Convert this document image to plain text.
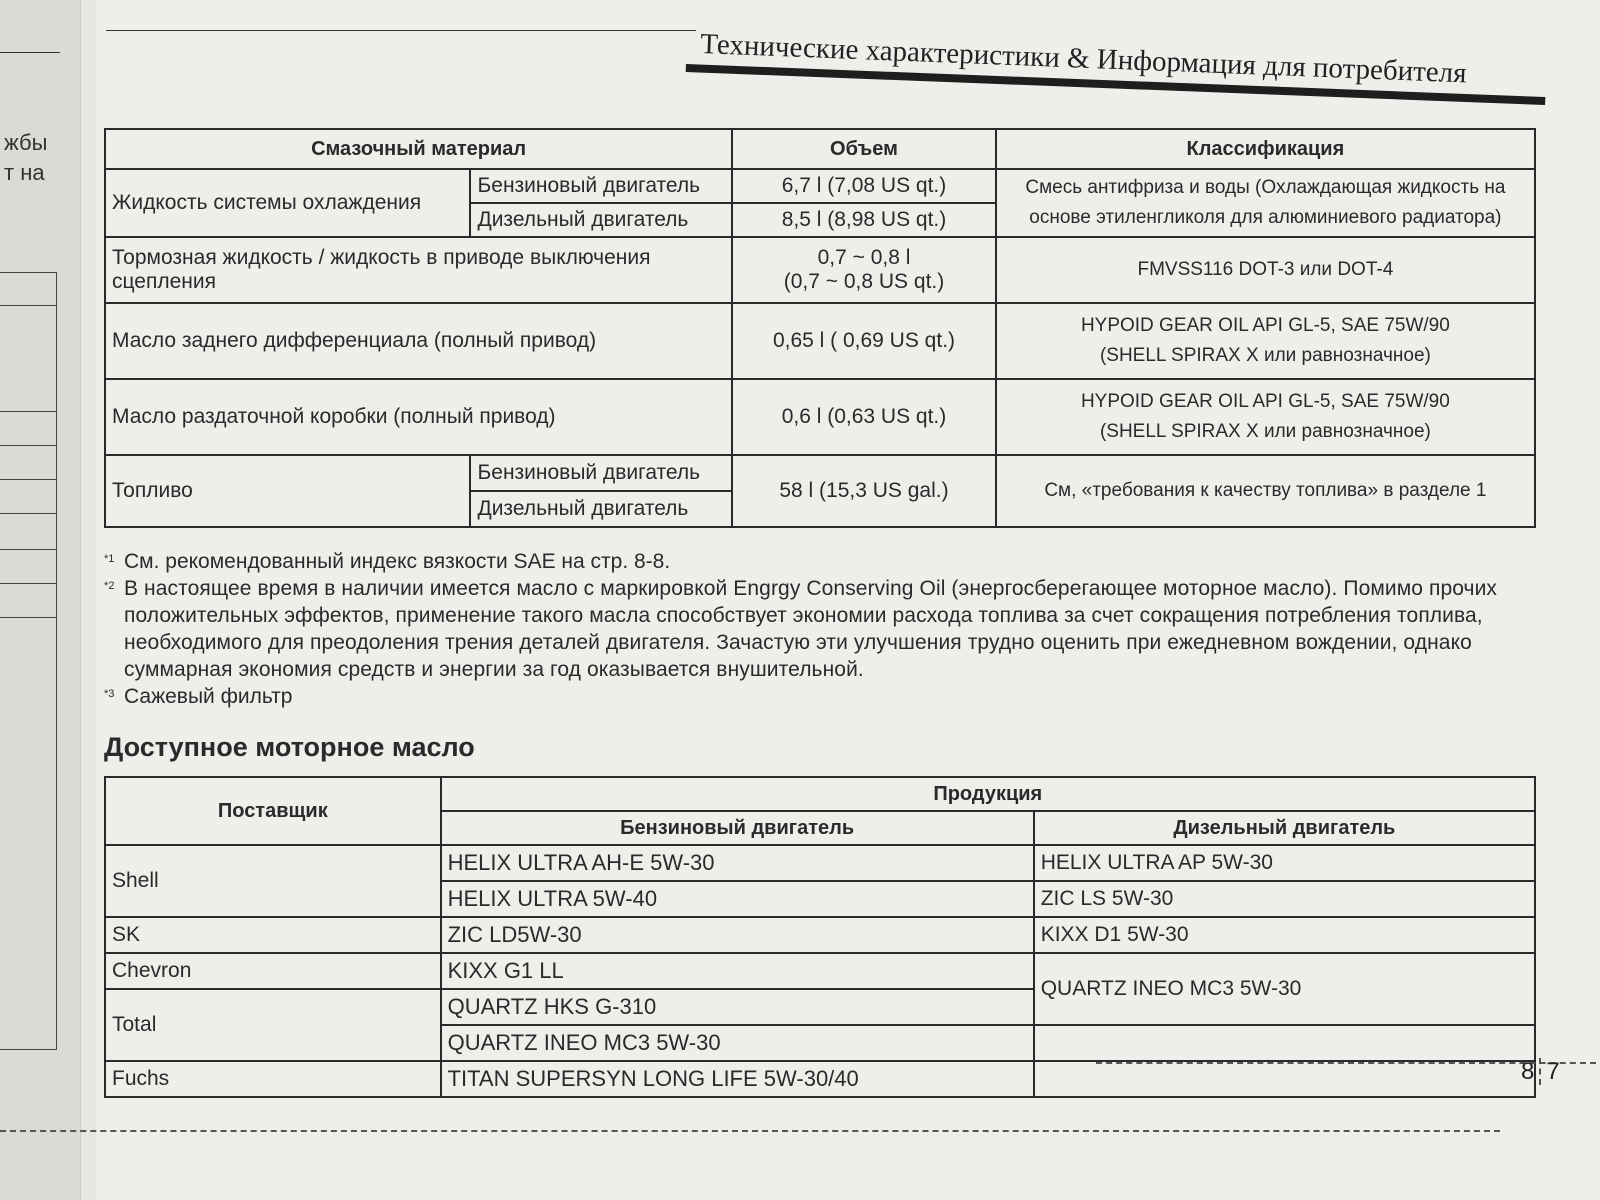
жбы
т на
Технические характеристики & Информация для потребителя
Смазочный материал		Объем	Классификация
Жидкость системы охлаждения	Бензиновый двигатель	6,7 l (7,08 US qt.)	Смесь антифриза и воды (Охлаждающая жидкость на основе этиленгликоля для алюминиевого радиатора)
	Дизельный двигатель	8,5 l (8,98 US qt.)	
Тормозная жидкость / жидкость в приводе выключения сцепления		0,7 ~ 0,8 l
(0,7 ~ 0,8 US qt.)	FMVSS116 DOT-3 или DOT-4
Масло заднего дифференциала (полный привод)		0,65 l ( 0,69 US qt.)	HYPOID GEAR OIL API GL-5, SAE 75W/90
(SHELL SPIRAX X или равнозначное)

Масло раздаточной коробки (полный привод)		0,6 l (0,63 US qt.)	HYPOID GEAR OIL API GL-5, SAE 75W/90
(SHELL SPIRAX X или равнозначное)

Топливо	Бензиновый двигатель	58 l (15,3 US gal.)	См, «требования к качеству топлива» в разделе 1
	Дизельный двигатель		
*1 См. рекомендованный индекс вязкости SAE на стр. 8-8.
*2 В настоящее время в наличии имеется масло с маркировкой Engrgy Conserving Oil (энергосберегающее моторное масло). Помимо прочих положительных эффектов, применение такого масла способствует экономии расхода топлива за счет сокращения потребления топлива, необходимого для преодоления трения деталей двигателя. Зачастую эти улучшения трудно оценить при ежедневном вождении, однако суммарная экономия средств и энергии за год оказывается внушительной.
*3 Сажевый фильтр
Доступное моторное масло
Поставщик	Продукция	
	Бензиновый двигатель	Дизельный двигатель
Shell	HELIX ULTRA AH-E 5W-30	HELIX ULTRA AP 5W-30
	HELIX ULTRA 5W-40	ZIC LS 5W-30
SK	ZIC LD5W-30	KIXX D1 5W-30
Chevron	KIXX G1 LL	QUARTZ INEO MC3 5W-30
Total	QUARTZ HKS G-310	
	QUARTZ INEO MC3 5W-30	
Fuchs	TITAN SUPERSYN LONG LIFE 5W-30/40		8 7
